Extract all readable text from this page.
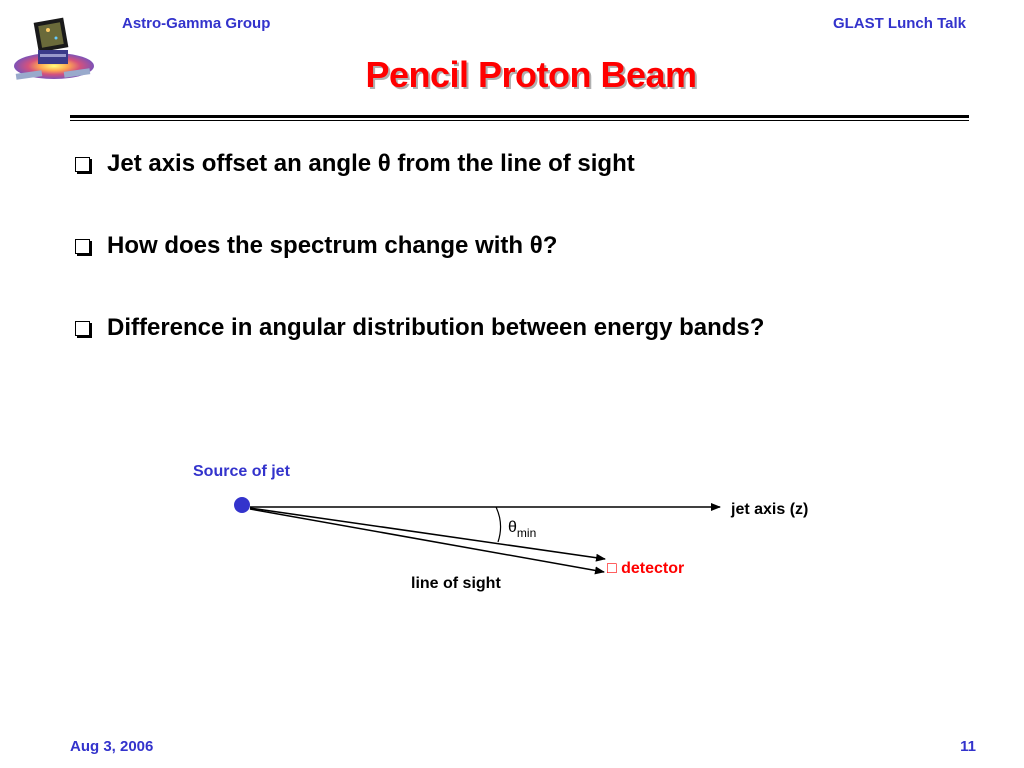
Astro-Gamma Group	GLAST Lunch Talk
Pencil Proton Beam
Jet axis offset an angle θ from the line of sight
How does the spectrum change with θ?
Difference in angular distribution between energy bands?
Source of jet
$\theta_{min}$
jet axis (z)
□ detector
line of sight
Aug 3, 2006	11
